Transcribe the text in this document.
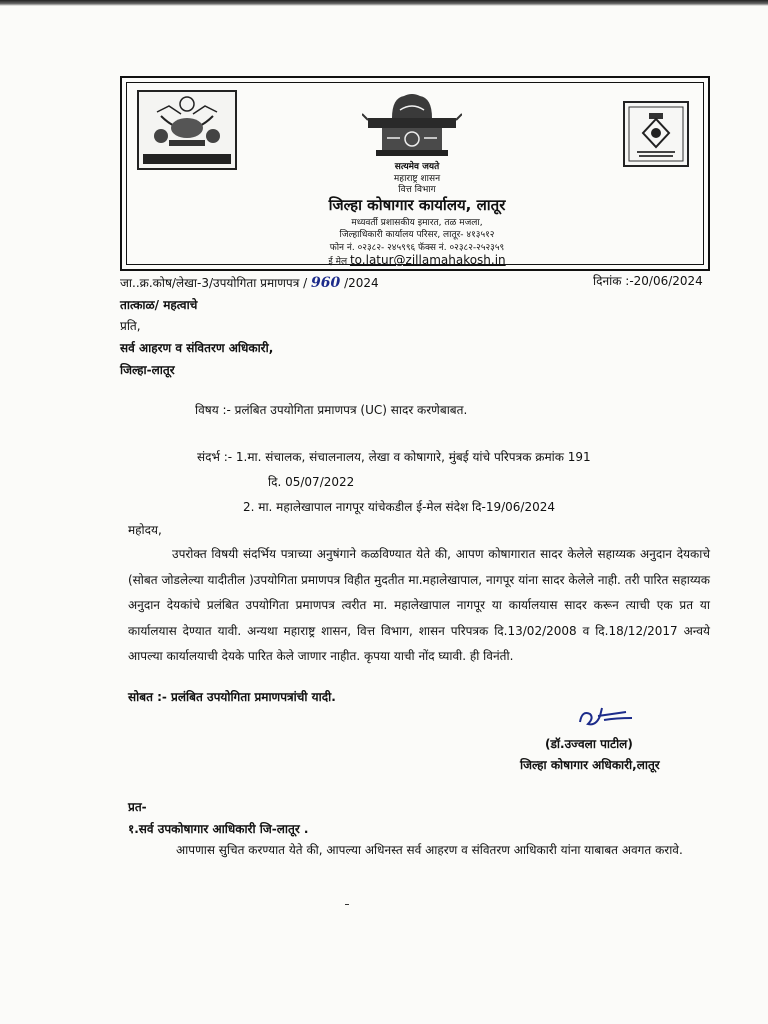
सत्यमेव जयते
महाराष्ट्र शासन
वित्त विभाग
जिल्हा कोषागार कार्यालय, लातूर
मध्यवर्ती प्रशासकीय इमारत, तळ मजला,
जिल्हाधिकारी कार्यालय परिसर, लातूर- ४१३५१२
फोन नं. ०२३८२- २४५९९६ फॅक्स नं. ०२३८२-२५२३५९
ई मेल to.latur@zillamahakosh.in
जा..क्र.कोष/लेखा-3/उपयोगिता प्रमाणपत्र / 960 /2024	दिनांक :-20/06/2024
तात्काळ/ महत्वाचे
प्रति,
सर्व आहरण व संवितरण अधिकारी,
जिल्हा-लातूर
विषय :- प्रलंबित उपयोगिता प्रमाणपत्र (UC) सादर करणेबाबत.
संदर्भ :- 1.मा. संचालक, संचालनालय, लेखा व कोषागारे, मुंबई यांचे परिपत्रक क्रमांक 191
दि. 05/07/2022
2. मा. महालेखापाल नागपूर यांचेकडील ई-मेल संदेश दि-19/06/2024
महोदय,

उपरोक्त विषयी संदर्भिय पत्राच्या अनुषंगाने कळविण्यात येते की, आपण कोषागारात सादर केलेले सहाय्यक अनुदान देयकाचे (सोबत जोडलेल्या यादीतील )उपयोगिता प्रमाणपत्र विहीत मुदतीत मा.महालेखापाल, नागपूर यांना सादर केलेले नाही. तरी पारित सहाय्यक अनुदान देयकांचे प्रलंबित उपयोगिता प्रमाणपत्र त्वरीत मा. महालेखापाल नागपूर या कार्यालयास सादर करून त्याची एक प्रत या कार्यालयास देण्यात यावी. अन्यथा महाराष्ट्र शासन, वित्त विभाग, शासन परिपत्रक दि.13/02/2008 व दि.18/12/2017 अन्वये आपल्या कार्यालयाची देयके पारित केले जाणार नाहीत. कृपया याची नोंद घ्यावी. ही विनंती.

सोबत :- प्रलंबित उपयोगिता प्रमाणपत्रांची यादी.
(डॉ.उज्वला पाटील)
जिल्हा कोषागार अधिकारी,लातूर
प्रत-
१.सर्व उपकोषागार आधिकारी जि-लातूर .

आपणास सुचित करण्यात येते की, आपल्या अधिनस्त सर्व आहरण व संवितरण आधिकारी यांना याबाबत अवगत करावे.
